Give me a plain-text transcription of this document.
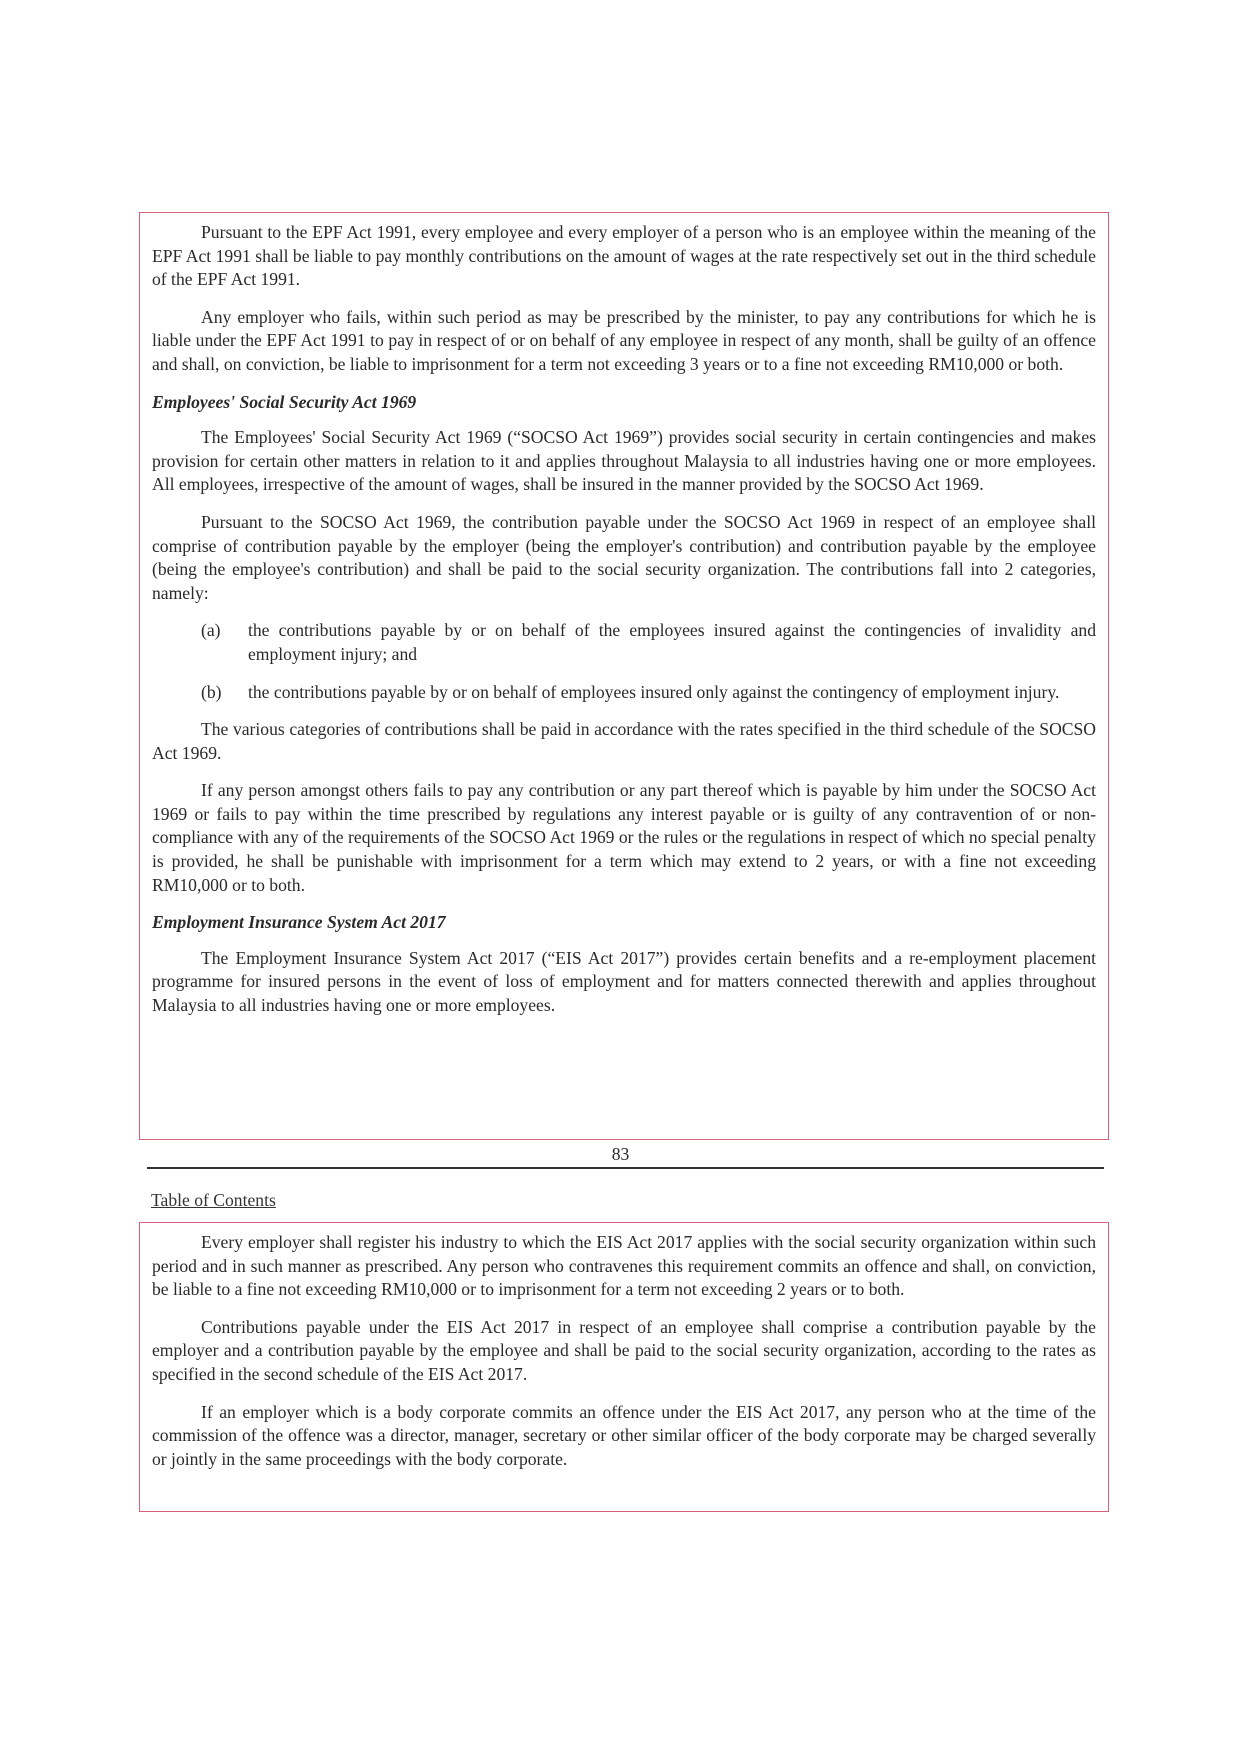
Pursuant to the EPF Act 1991, every employee and every employer of a person who is an employee within the meaning of the EPF Act 1991 shall be liable to pay monthly contributions on the amount of wages at the rate respectively set out in the third schedule of the EPF Act 1991.

Any employer who fails, within such period as may be prescribed by the minister, to pay any contributions for which he is liable under the EPF Act 1991 to pay in respect of or on behalf of any employee in respect of any month, shall be guilty of an offence and shall, on conviction, be liable to imprisonment for a term not exceeding 3 years or to a fine not exceeding RM10,000 or both.

Employees' Social Security Act 1969

The Employees' Social Security Act 1969 (“SOCSO Act 1969”) provides social security in certain contingencies and makes provision for certain other matters in relation to it and applies throughout Malaysia to all industries having one or more employees. All employees, irrespective of the amount of wages, shall be insured in the manner provided by the SOCSO Act 1969.

Pursuant to the SOCSO Act 1969, the contribution payable under the SOCSO Act 1969 in respect of an employee shall comprise of contribution payable by the employer (being the employer's contribution) and contribution payable by the employee (being the employee's contribution) and shall be paid to the social security organization. The contributions fall into 2 categories, namely:

(a)	the contributions payable by or on behalf of the employees insured against the contingencies of invalidity and employment injury; and
(b)	the contributions payable by or on behalf of employees insured only against the contingency of employment injury.

The various categories of contributions shall be paid in accordance with the rates specified in the third schedule of the SOCSO Act 1969.

If any person amongst others fails to pay any contribution or any part thereof which is payable by him under the SOCSO Act 1969 or fails to pay within the time prescribed by regulations any interest payable or is guilty of any contravention of or non-compliance with any of the requirements of the SOCSO Act 1969 or the rules or the regulations in respect of which no special penalty is provided, he shall be punishable with imprisonment for a term which may extend to 2 years, or with a fine not exceeding RM10,000 or to both.

Employment Insurance System Act 2017

The Employment Insurance System Act 2017 (“EIS Act 2017”) provides certain benefits and a re-employment placement programme for insured persons in the event of loss of employment and for matters connected therewith and applies throughout Malaysia to all industries having one or more employees.

83
Table of Contents

Every employer shall register his industry to which the EIS Act 2017 applies with the social security organization within such period and in such manner as prescribed. Any person who contravenes this requirement commits an offence and shall, on conviction, be liable to a fine not exceeding RM10,000 or to imprisonment for a term not exceeding 2 years or to both.

Contributions payable under the EIS Act 2017 in respect of an employee shall comprise a contribution payable by the employer and a contribution payable by the employee and shall be paid to the social security organization, according to the rates as specified in the second schedule of the EIS Act 2017.

If an employer which is a body corporate commits an offence under the EIS Act 2017, any person who at the time of the commission of the offence was a director, manager, secretary or other similar officer of the body corporate may be charged severally or jointly in the same proceedings with the body corporate.
